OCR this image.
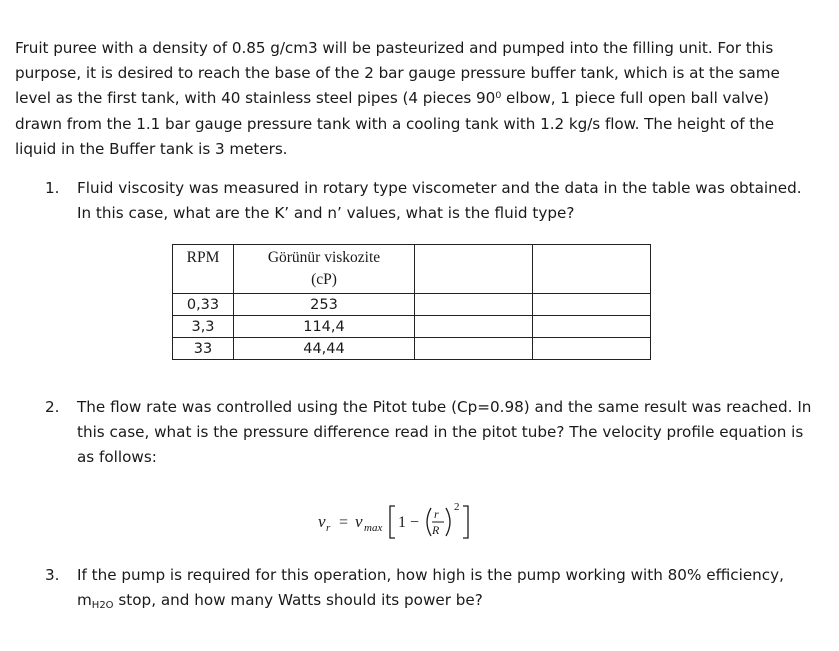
Fruit puree with a density of 0.85 g/cm3 will be pasteurized and pumped into the filling unit. For this purpose, it is desired to reach the base of the 2 bar gauge pressure buffer tank, which is at the same level as the first tank, with 40 stainless steel pipes (4 pieces 90⁰ elbow, 1 piece full open ball valve) drawn from the 1.1 bar gauge pressure tank with a cooling tank with 1.2 kg/s flow. The height of the liquid in the Buffer tank is 3 meters.

1. Fluid viscosity was measured in rotary type viscometer and the data in the table was obtained. In this case, what are the K’ and n’ values, what is the fluid type?
RPM	Görünür viskozite
(cP)		
0,33	253		
3,3	114,4		
33	44,44		
2. The flow rate was controlled using the Pitot tube (Cp=0.98) and the same result was reached. In this case, what is the pressure difference read in the pitot tube? The velocity profile equation is as follows:
v r = v max 1 − r
R
2
3. If the pump is required for this operation, how high is the pump working with 80% efficiency, $m_{H2O}$ stop, and how many Watts should its power be?
